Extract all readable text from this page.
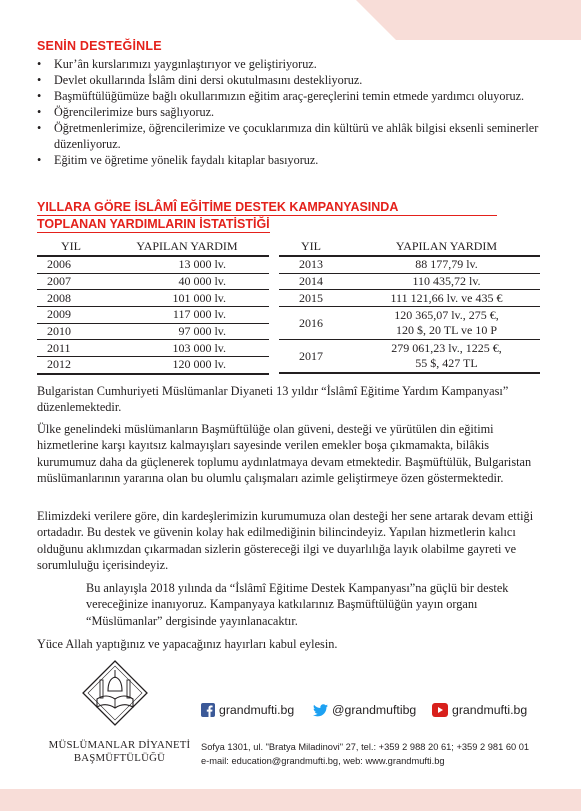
SENİN DESTEĞİNLE
• Kur’ân kurslarımızı yaygınlaştırıyor ve geliştiriyoruz.
• Devlet okullarında İslâm dini dersi okutulmasını destekliyoruz.
• Başmüftülüğümüze bağlı okullarımızın eğitim araç-gereçlerini temin etmede yardımcı oluyoruz.
• Öğrencilerimize burs sağlıyoruz.
• Öğretmenlerimize, öğrencilerimize ve çocuklarımıza din kültürü ve ahlâk bilgisi eksenli seminerler düzenliyoruz.
• Eğitim ve öğretime yönelik faydalı kitaplar basıyoruz.
YILLARA GÖRE İSLÂMÎ EĞİTİME DESTEK KAMPANYASINDA
TOPLANAN YARDIMLARIN İSTATİSTİĞİ
YIL	YAPILAN YARDIM
2006	13 000 lv.
2007	40 000 lv.
2008	101 000 lv.
2009	117 000 lv.
2010	97 000 lv.
2011	103 000 lv.
2012	120 000 lv.
YIL	YAPILAN YARDIM
2013	88 177,79 lv.
2014	110 435,72 lv.
2015	111 121,66 lv. ve 435 €
2016	120 365,07 lv., 275 €,
120 $, 20 TL ve 10 P

2017	279 061,23 lv., 1225 €,
55 $, 427 TL

Bulgaristan Cumhuriyeti Müslümanlar Diyaneti 13 yıldır “İslâmî Eğitime Yardım Kampanyası” düzenlemektedir.

Ülke genelindeki müslümanların Başmüftülüğe olan güveni, desteği ve yürütülen din eğitimi hizmetlerine karşı kayıtsız kalmayışları sayesinde verilen emekler boşa çıkmamakta, bilâkis kurumumuz daha da güçlenerek toplumu aydınlatmaya devam etmektedir. Başmüftülük, Bulgaristan müslümanlarının yararına olan bu olumlu çalışmaları azimle geliştirmeye özen göstermektedir.

Elimizdeki verilere göre, din kardeşlerimizin kurumumuza olan desteği her sene artarak devam ettiği ortadadır. Bu destek ve güvenin kolay hak edilmediğinin bilincindeyiz. Yapılan hizmetlerin kalıcı olduğunu aklımızdan çıkarmadan sizlerin göstereceği ilgi ve duyarlılığa layık olabilme gayreti ve sorumluluğu içerisindeyiz.

Bu anlayışla 2018 yılında da “İslâmî Eğitime Destek Kampanyası”na güçlü bir destek vereceğinize inanıyoruz. Kampanyaya katkılarınız Başmüftülüğün yayın organı “Müslümanlar” dergisinde yayınlanacaktır.

Yüce Allah yaptığınız ve yapacağınız hayırları kabul eylesin.

MÜSLÜMANLAR DİYANETİ
BAŞMÜFTÜLÜĞÜ
grandmufti.bg	@grandmuftibg	grandmufti.bg
Sofya 1301, ul. "Bratya Miladinovi" 27, tel.: +359 2 988 20 61; +359 2 981 60 01
e-mail: education@grandmufti.bg, web: www.grandmufti.bg
